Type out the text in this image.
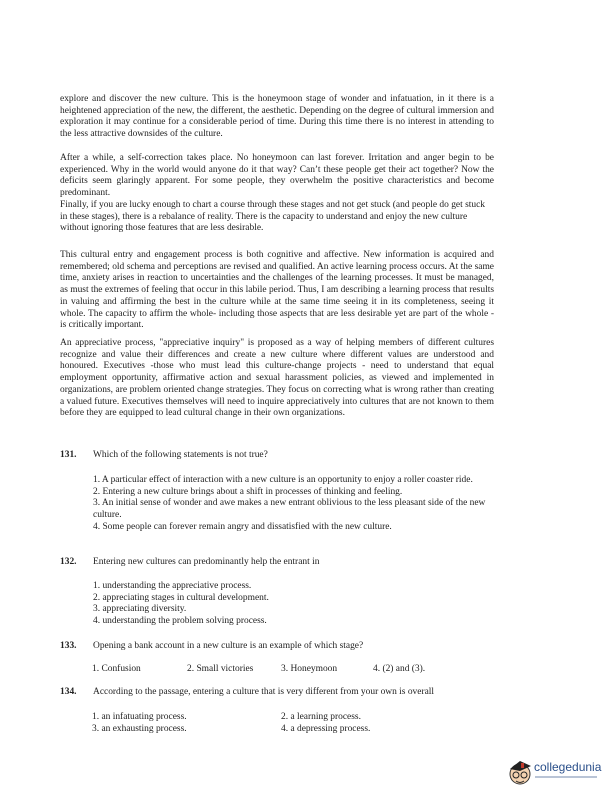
explore and discover the new culture. This is the honeymoon stage of wonder and infatuation, in it there is a heightened appreciation of the new, the different, the aesthetic. Depending on the degree of cultural immersion and exploration it may continue for a considerable period of time. During this time there is no interest in attending to the less attractive downsides of the culture.
After a while, a self-correction takes place. No honeymoon can last forever. Irritation and anger begin to be experienced. Why in the world would anyone do it that way? Can’t these people get their act together? Now the deficits seem glaringly apparent. For some people, they overwhelm the positive characteristics and become predominant.
Finally, if you are lucky enough to chart a course through these stages and not get stuck (and people do get stuck in these stages), there is a rebalance of reality. There is the capacity to understand and enjoy the new culture without ignoring those features that are less desirable.
This cultural entry and engagement process is both cognitive and affective. New information is acquired and remembered; old schema and perceptions are revised and qualified. An active learning process occurs. At the same time, anxiety arises in reaction to uncertainties and the challenges of the learning processes. It must be managed, as must the extremes of feeling that occur in this labile period. Thus, I am describing a learning process that results in valuing and affirming the best in the culture while at the same time seeing it in its completeness, seeing it whole. The capacity to affirm the whole- including those aspects that are less desirable yet are part of the whole - is critically important.
An appreciative process, "appreciative inquiry" is proposed as a way of helping members of different cultures recognize and value their differences and create a new culture where different values are understood and honoured. Executives -those who must lead this culture-change projects - need to understand that equal employment opportunity, affirmative action and sexual harassment policies, as viewed and implemented in organizations, are problem oriented change strategies. They focus on correcting what is wrong rather than creating a valued future. Executives themselves will need to inquire appreciatively into cultures that are not known to them before they are equipped to lead cultural change in their own organizations.
131. Which of the following statements is not true?
1. A particular effect of interaction with a new culture is an opportunity to enjoy a roller coaster ride.
2. Entering a new culture brings about a shift in processes of thinking and feeling.
3. An initial sense of wonder and awe makes a new entrant oblivious to the less pleasant side of the new culture.
4. Some people can forever remain angry and dissatisfied with the new culture.
132. Entering new cultures can predominantly help the entrant in
1. understanding the appreciative process.
2. appreciating stages in cultural development.
3. appreciating diversity.
4. understanding the problem solving process.
133. Opening a bank account in a new culture is an example of which stage?
1. Confusion	2. Small victories	3. Honeymoon	4. (2) and (3).
134. According to the passage, entering a culture that is very different from your own is overall
1. an infatuating process.	2. a learning process.
3. an exhausting process.	4. a depressing process.
collegedunia
